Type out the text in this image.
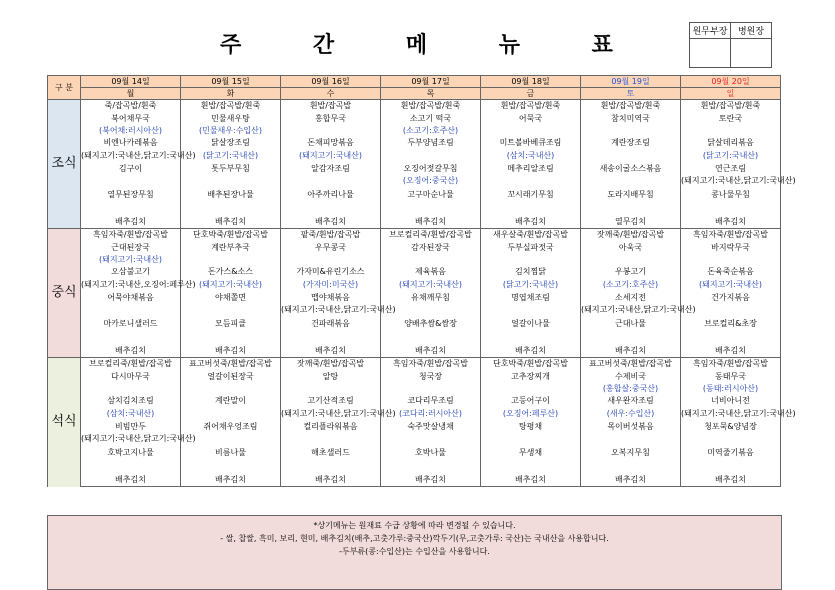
주 간 메 뉴 표
원무부장	병원장

구 분	09월 14일	09월 15일	09월 16일	09월 17일	09월 18일	09월 19일	09월 20일
	월	화	수	목	금	토	일
조식	죽/잡곡밥/흰죽	흰밥/잡곡밥/흰죽	흰밥/잡곡밥	흰밥/잡곡밥/흰죽	흰밥/잡곡밥/흰죽	흰밥/잡곡밥/흰죽	흰밥/잡곡밥/흰죽
	북어채무국	민물새우탕	홍합무국	소고기 떡국	어묵국	참치미역국	토란국
	(북어채:러시아산)	(민물새우:수입산)		(소고기:호주산)			
	비엔나카레볶음	닭살장조림	돈채피망볶음	두부양념조림	미트볼바베큐조림	계란장조림	닭살데리볶음
	(돼지고기:국내산,닭고기:국내산)	(닭고기:국내산)	(돼지고기:국내산)		(삼치:국내산)		(닭고기:국내산)
	김구이	톳두부무침	알감자조림	오징어젓갈무침	메추리알조림	새송이굴소스볶음	연근조림
				(오징어:중국산)			(돼지고기:국내산,닭고기:국내산)
	열무된장무침	배추된장나물	아주까리나물	고구마순나물	꼬시래기무침	도라지배무침	콩나물무침

	배추김치	배추김치	배추김치	배추김치	배추김치	열무김치	배추김치
중식	흑임자죽/흰밥/잡곡밥	단호박죽/흰밥/잡곡밥	팥죽/흰밥/잡곡밥	브로컬리죽/흰밥/잡곡밥	새우살죽/흰밥/잡곡밥	잣깨죽/흰밥/잡곡밥	흑임자죽/흰밥/잡곡밥
	근대된장국	계란부추국	우무콩국	감자된장국	두부실파젓국	아욱국	바지락무국
	(돼지고기:국내산)						
	오삼불고기	돈가스&소스	가자미&유린기소스	제육볶음	김치찜닭	우봉고기	돈육죽순볶음
	(돼지고기:국내산,오징어:페루산)	(돼지고기:국내산)	(가자미:미국산)	(돼지고기:국내산)	(닭고기:국내산)	(소고기:호주산)	(돼지고기:국내산)
	어묵야채볶음	야채쫄면	맵야채볶음	유채깨무침	명엽채조림	소세지전	건가지볶음
			(돼지고기:국내산,닭고기:국내산)			(돼지고기:국내산,닭고기:국내산)	
	마카로니샐러드	모듬피클	건파래볶음	양배추쌈&쌈장	얼갈이나물	근대나물	브로컬리&초장

	배추김치	배추김치	배추김치	배추김치	배추김치	배추김치	배추김치
석식	브로컬리죽/흰밥/잡곡밥	표고버섯죽/흰밥/잡곡밥	잣깨죽/흰밥/잡곡밥	흑임자죽/흰밥/잡곡밥	단호박죽/흰밥/잡곡밥	표고버섯죽/흰밥/잡곡밥	흑임자죽/흰밥/잡곡밥
	다시마무국	얼갈이된장국	알탕	청국장	고추장찌개	수제비국	동태무국
						(홍합살:중국산)	(동태:러시아산)
	삼치김치조림	계란말이	고기산적조림	코다리무조림	고등어구이	새우완자조림	너비아니전
	(삼치:국내산)		(돼지고기:국내산,닭고기:국내산)	(코다리:러시아산)	(오징어:페루산)	(새우:수입산)	(돼지고기:국내산,닭고기:국내산)
	비빔만두	쥐어채우엉조림	컬리플라워볶음	숙주맛살냉채	탕평채	목이버섯볶음	청포묵&양념장
	(돼지고기:국내산,닭고기:국내산)						
	호박고지나물	비름나물	해초샐러드	호박나물	무생채	오복지무침	미역줄기볶음

	배추김치	배추김치	배추김치	배추김치	배추김치	배추김치	배추김치
*상기메뉴는 원재료 수급 상황에 따라 변경될 수 있습니다.
- 쌀, 찹쌀, 흑미, 보리, 현미, 배추김치(배추,고춧가루:중국산)깍두기(무,고춧가루: 국산)는 국내산을 사용합니다.
-두부류(콩:수입산)는 수입산을 사용합니다.
